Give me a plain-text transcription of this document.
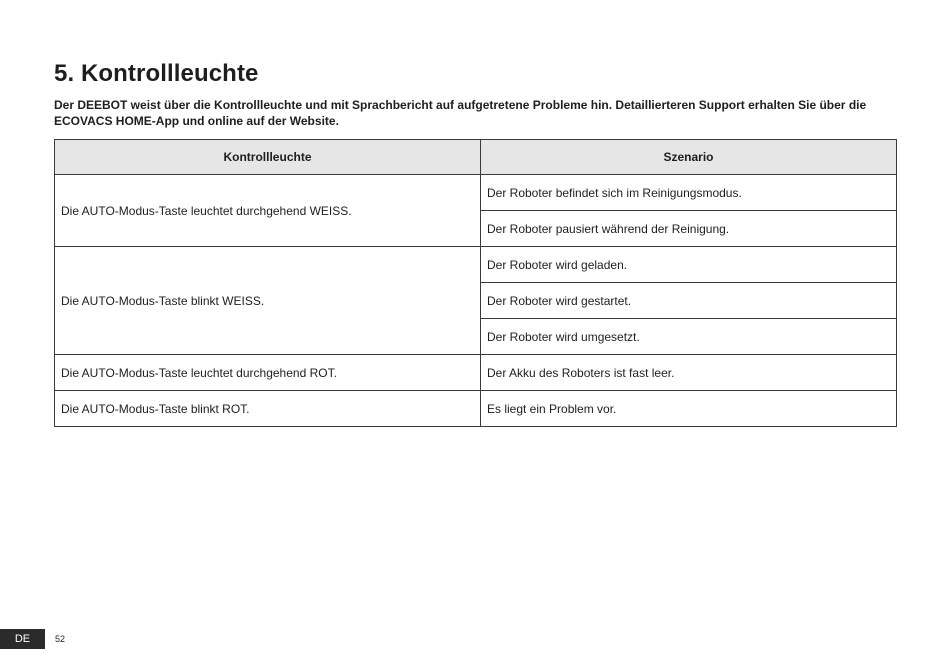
5. Kontrollleuchte

Der DEEBOT weist über die Kontrollleuchte und mit Sprachbericht auf aufgetretene Probleme hin. Detaillierteren Support erhalten Sie über die ECOVACS HOME-App und online auf der Website.

Kontrollleuchte	Szenario
Die AUTO-Modus-Taste leuchtet durchgehend WEISS.	Der Roboter befindet sich im Reinigungsmodus.
	Der Roboter pausiert während der Reinigung.
Die AUTO-Modus-Taste blinkt WEISS.	Der Roboter wird geladen.
	Der Roboter wird gestartet.
	Der Roboter wird umgesetzt.
Die AUTO-Modus-Taste leuchtet durchgehend ROT.	Der Akku des Roboters ist fast leer.
Die AUTO-Modus-Taste blinkt ROT.	Es liegt ein Problem vor.
DE	52
